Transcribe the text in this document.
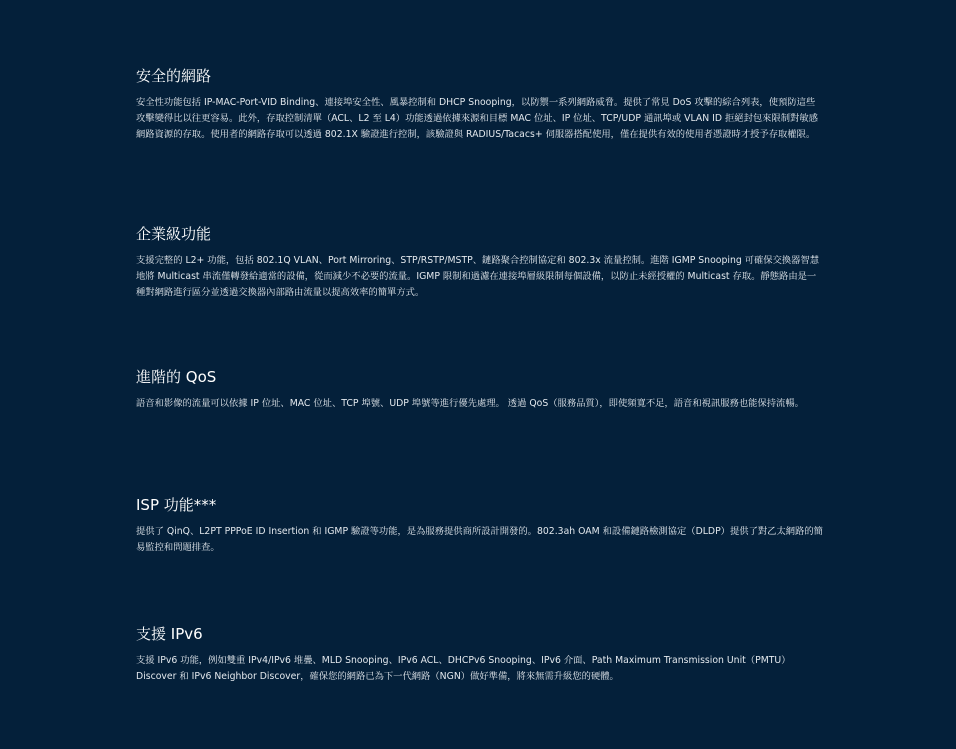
安全的網路

安全性功能包括 IP-MAC-Port-VID Binding、連接埠安全性、風暴控制和 DHCP Snooping，以防禦一系列網路威脅。提供了常見 DoS 攻擊的綜合列表，使預防這些攻擊變得比以往更容易。此外，存取控制清單（ACL、L2 至 L4）功能透過依據來源和目標 MAC 位址、IP 位址、TCP/UDP 通訊埠或 VLAN ID 拒絕封包來限制對敏感網路資源的存取。使用者的網路存取可以透過 802.1X 驗證進行控制，該驗證與 RADIUS/Tacacs+ 伺服器搭配使用，僅在提供有效的使用者憑證時才授予存取權限。

企業級功能

支援完整的 L2+ 功能，包括 802.1Q VLAN、Port Mirroring、STP/RSTP/MSTP、鏈路聚合控制協定和 802.3x 流量控制。進階 IGMP Snooping 可確保交換器智慧地將 Multicast 串流僅轉發給適當的設備，從而減少不必要的流量。IGMP 限制和過濾在連接埠層級限制每個設備，以防止未經授權的 Multicast 存取。靜態路由是一種對網路進行區分並透過交換器內部路由流量以提高效率的簡單方式。

進階的 QoS

語音和影像的流量可以依據 IP 位址、MAC 位址、TCP 埠號、UDP 埠號等進行優先處理。 透過 QoS（服務品質），即使頻寬不足，語音和視訊服務也能保持流暢。

ISP 功能***

提供了 QinQ、L2PT PPPoE ID Insertion 和 IGMP 驗證等功能，是為服務提供商所設計開發的。802.3ah OAM 和設備鏈路檢測協定（DLDP）提供了對乙太網路的簡易監控和問題排查。

支援 IPv6

支援 IPv6 功能，例如雙重 IPv4/IPv6 堆疊、MLD Snooping、IPv6 ACL、DHCPv6 Snooping、IPv6 介面、Path Maximum Transmission Unit（PMTU）Discover 和 IPv6 Neighbor Discover，確保您的網路已為下一代網路（NGN）做好準備，將來無需升級您的硬體。
